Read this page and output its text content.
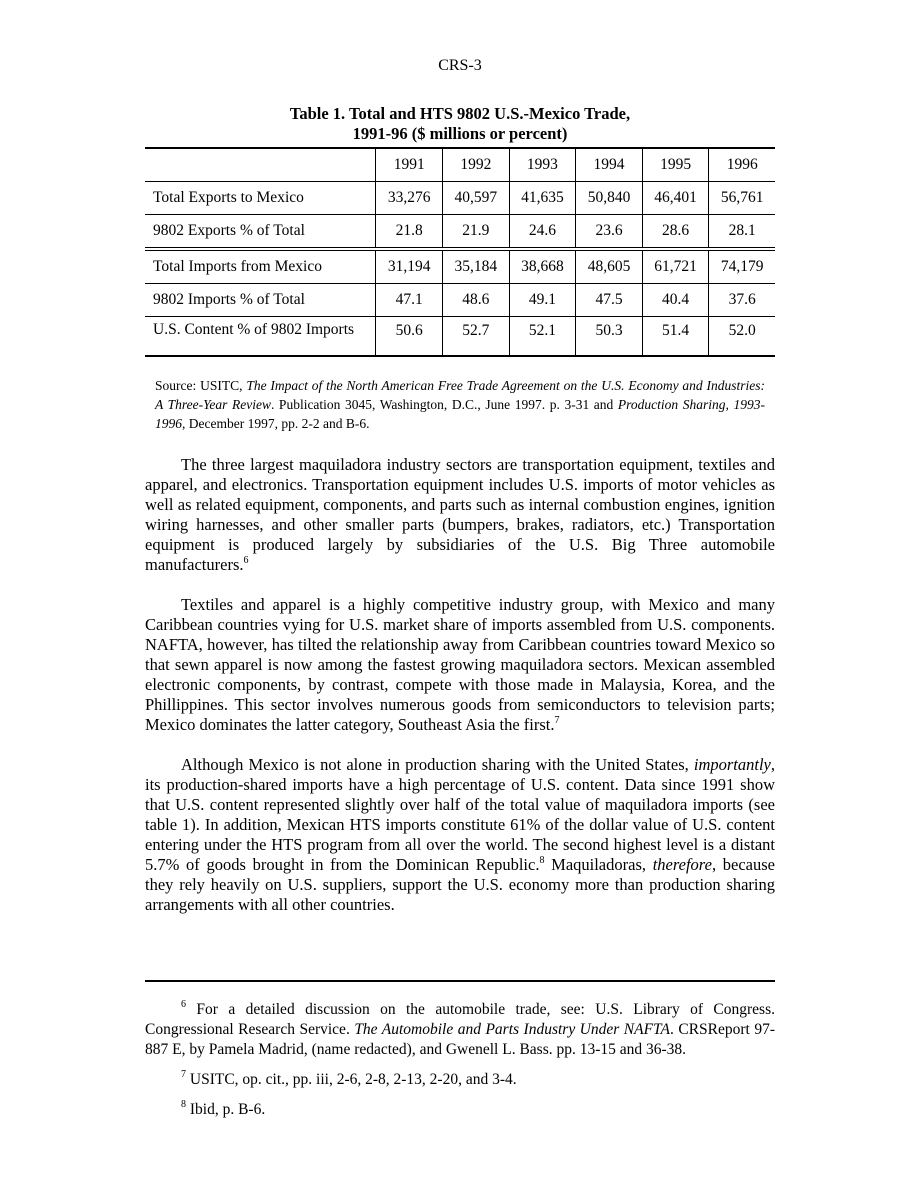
CRS-3
Table 1. Total and HTS 9802 U.S.-Mexico Trade,
1991-96 ($ millions or percent)
	1991	1992	1993	1994	1995	1996
Total Exports to Mexico	33,276	40,597	41,635	50,840	46,401	56,761
9802 Exports % of Total	21.8	21.9	24.6	23.6	28.6	28.1
Total Imports from Mexico	31,194	35,184	38,668	48,605	61,721	74,179
9802 Imports % of Total	47.1	48.6	49.1	47.5	40.4	37.6
U.S. Content % of 9802 Imports	50.6	52.7	52.1	50.3	51.4	52.0
Source: USITC, The Impact of the North American Free Trade Agreement on the U.S. Economy and Industries: A Three-Year Review. Publication 3045, Washington, D.C., June 1997. p. 3-31 and Production Sharing, 1993-1996, December 1997, pp. 2-2 and B-6.

The three largest maquiladora industry sectors are transportation equipment, textiles and apparel, and electronics. Transportation equipment includes U.S. imports of motor vehicles as well as related equipment, components, and parts such as internal combustion engines, ignition wiring harnesses, and other smaller parts (bumpers, brakes, radiators, etc.) Transportation equipment is produced largely by subsidiaries of the U.S. Big Three automobile manufacturers.$^6$

Textiles and apparel is a highly competitive industry group, with Mexico and many Caribbean countries vying for U.S. market share of imports assembled from U.S. components. NAFTA, however, has tilted the relationship away from Caribbean countries toward Mexico so that sewn apparel is now among the fastest growing maquiladora sectors. Mexican assembled electronic components, by contrast, compete with those made in Malaysia, Korea, and the Phillippines. This sector involves numerous goods from semiconductors to television parts; Mexico dominates the latter category, Southeast Asia the first.$^7$

Although Mexico is not alone in production sharing with the United States, importantly, its production-shared imports have a high percentage of U.S. content. Data since 1991 show that U.S. content represented slightly over half of the total value of maquiladora imports (see table 1). In addition, Mexican HTS imports constitute 61% of the dollar value of U.S. content entering under the HTS program from all over the world. The second highest level is a distant 5.7% of goods brought in from the Dominican Republic.$^8$ Maquiladoras, therefore, because they rely heavily on U.S. suppliers, support the U.S. economy more than production sharing arrangements with all other countries.

$^6$ For a detailed discussion on the automobile trade, see: U.S. Library of Congress. Congressional Research Service. The Automobile and Parts Industry Under NAFTA. CRSReport 97-887 E, by Pamela Madrid, (name redacted), and Gwenell L. Bass. pp. 13-15 and 36-38.

$^7$ USITC, op. cit., pp. iii, 2-6, 2-8, 2-13, 2-20, and 3-4.

$^8$ Ibid, p. B-6.
